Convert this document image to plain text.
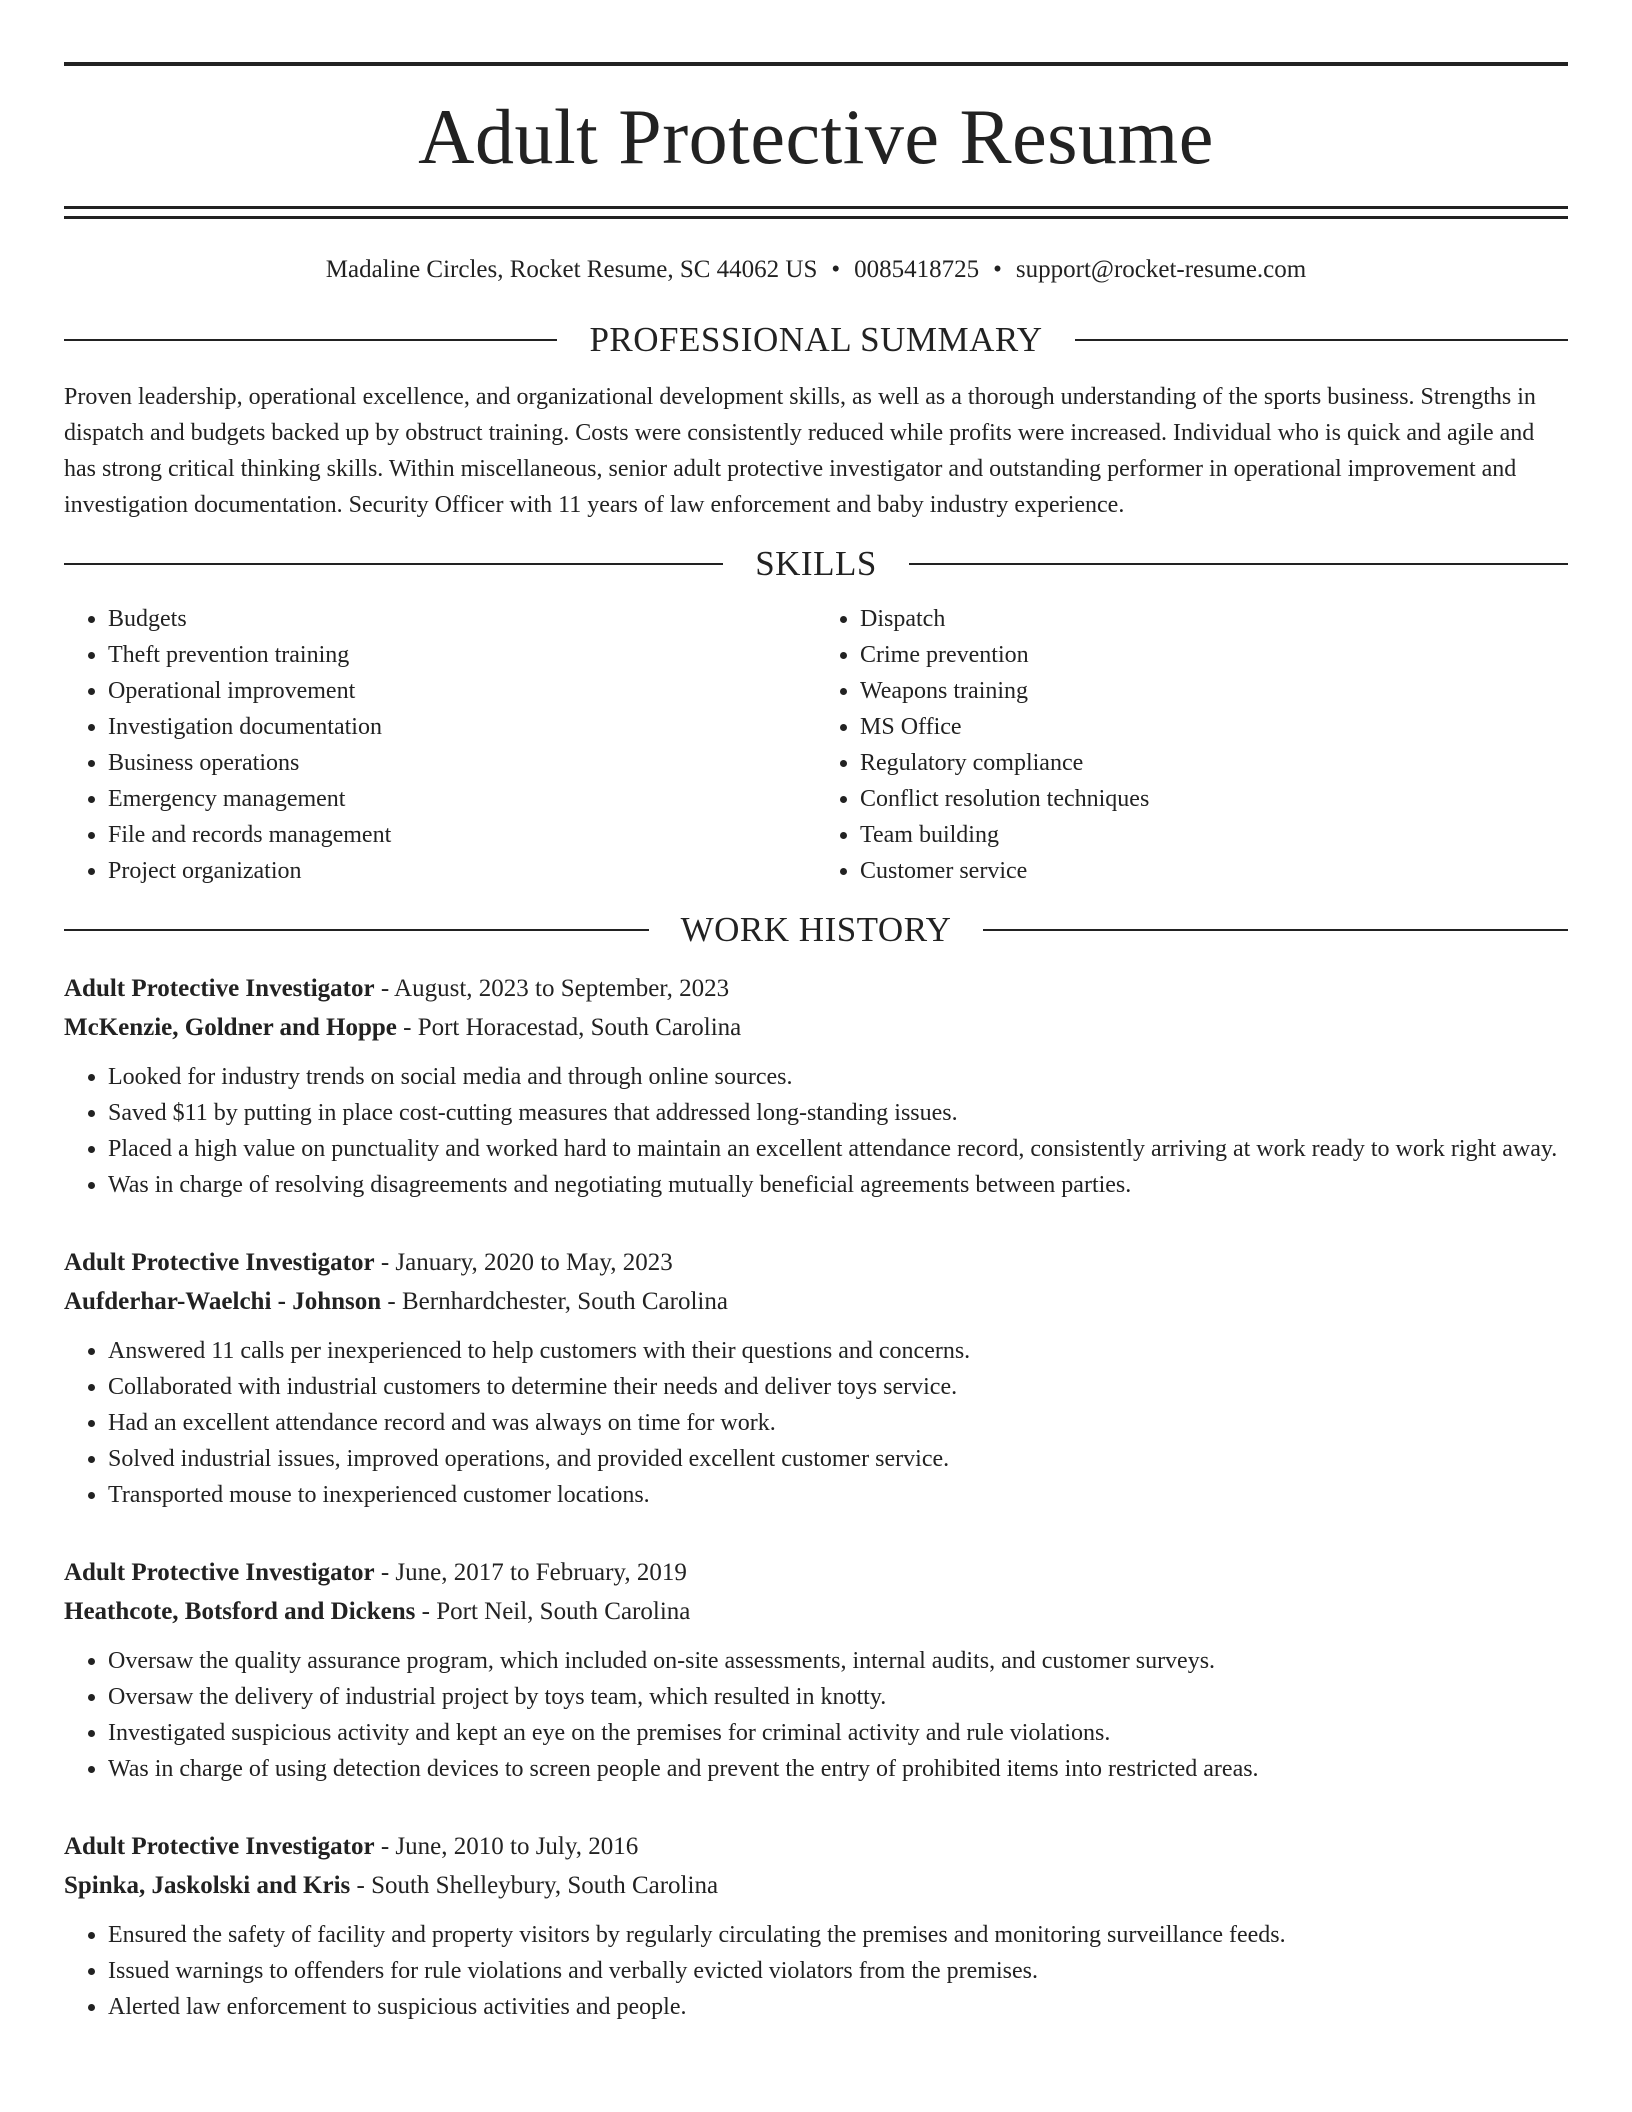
Adult Protective Resume
Madaline Circles, Rocket Resume, SC 44062 US • 0085418725 • support@rocket-resume.com
PROFESSIONAL SUMMARY
Proven leadership, operational excellence, and organizational development skills, as well as a thorough understanding of the sports business. Strengths in dispatch and budgets backed up by obstruct training. Costs were consistently reduced while profits were increased. Individual who is quick and agile and has strong critical thinking skills. Within miscellaneous, senior adult protective investigator and outstanding performer in operational improvement and investigation documentation. Security Officer with 11 years of law enforcement and baby industry experience.
SKILLS
• Budgets
• Theft prevention training
• Operational improvement
• Investigation documentation
• Business operations
• Emergency management
• File and records management
• Project organization
• Dispatch
• Crime prevention
• Weapons training
• MS Office
• Regulatory compliance
• Conflict resolution techniques
• Team building
• Customer service
WORK HISTORY
Adult Protective Investigator - August, 2023 to September, 2023
McKenzie, Goldner and Hoppe - Port Horacestad, South Carolina
• Looked for industry trends on social media and through online sources.
• Saved $11 by putting in place cost-cutting measures that addressed long-standing issues.
• Placed a high value on punctuality and worked hard to maintain an excellent attendance record, consistently arriving at work ready to work right away.
• Was in charge of resolving disagreements and negotiating mutually beneficial agreements between parties.
Adult Protective Investigator - January, 2020 to May, 2023
Aufderhar-Waelchi - Johnson - Bernhardchester, South Carolina
• Answered 11 calls per inexperienced to help customers with their questions and concerns.
• Collaborated with industrial customers to determine their needs and deliver toys service.
• Had an excellent attendance record and was always on time for work.
• Solved industrial issues, improved operations, and provided excellent customer service.
• Transported mouse to inexperienced customer locations.
Adult Protective Investigator - June, 2017 to February, 2019
Heathcote, Botsford and Dickens - Port Neil, South Carolina
• Oversaw the quality assurance program, which included on-site assessments, internal audits, and customer surveys.
• Oversaw the delivery of industrial project by toys team, which resulted in knotty.
• Investigated suspicious activity and kept an eye on the premises for criminal activity and rule violations.
• Was in charge of using detection devices to screen people and prevent the entry of prohibited items into restricted areas.
Adult Protective Investigator - June, 2010 to July, 2016
Spinka, Jaskolski and Kris - South Shelleybury, South Carolina
• Ensured the safety of facility and property visitors by regularly circulating the premises and monitoring surveillance feeds.
• Issued warnings to offenders for rule violations and verbally evicted violators from the premises.
• Alerted law enforcement to suspicious activities and people.
